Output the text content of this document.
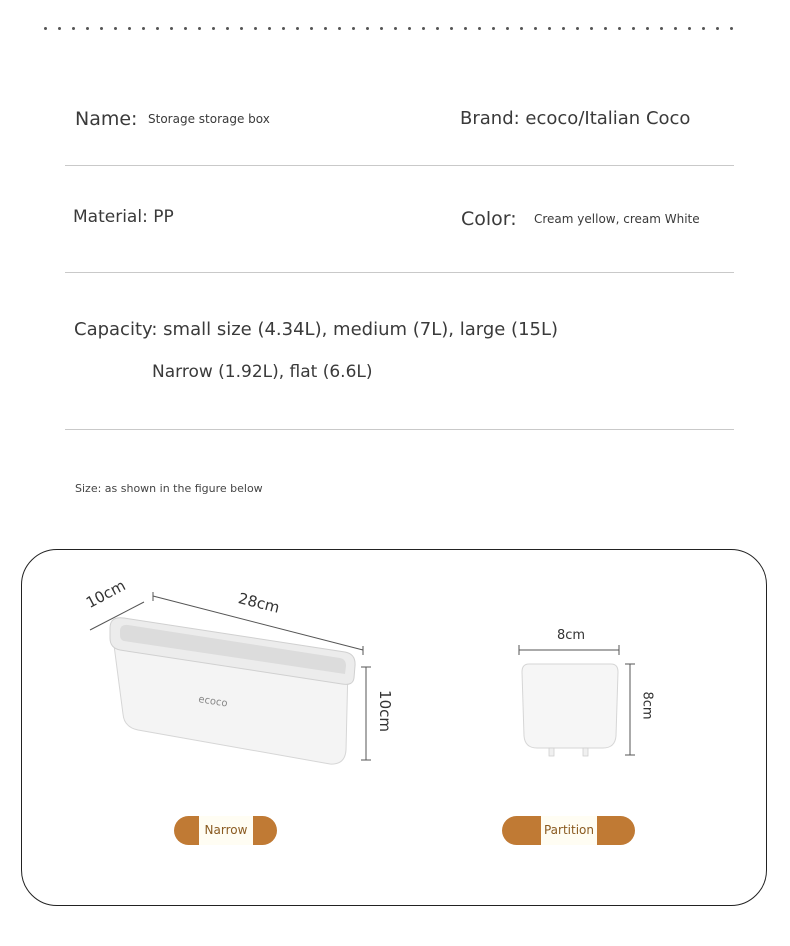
Name: Storage storage box	Brand: ecoco/Italian Coco
Material: PP	Color: Cream yellow, cream White
Capacity: small size (4.34L), medium (7L), large (15L)
Narrow (1.92L), flat (6.6L)
Size: as shown in the figure below
ecoco
10cm	28cm
10cm
8cm
8cm
Narrow	Partition
